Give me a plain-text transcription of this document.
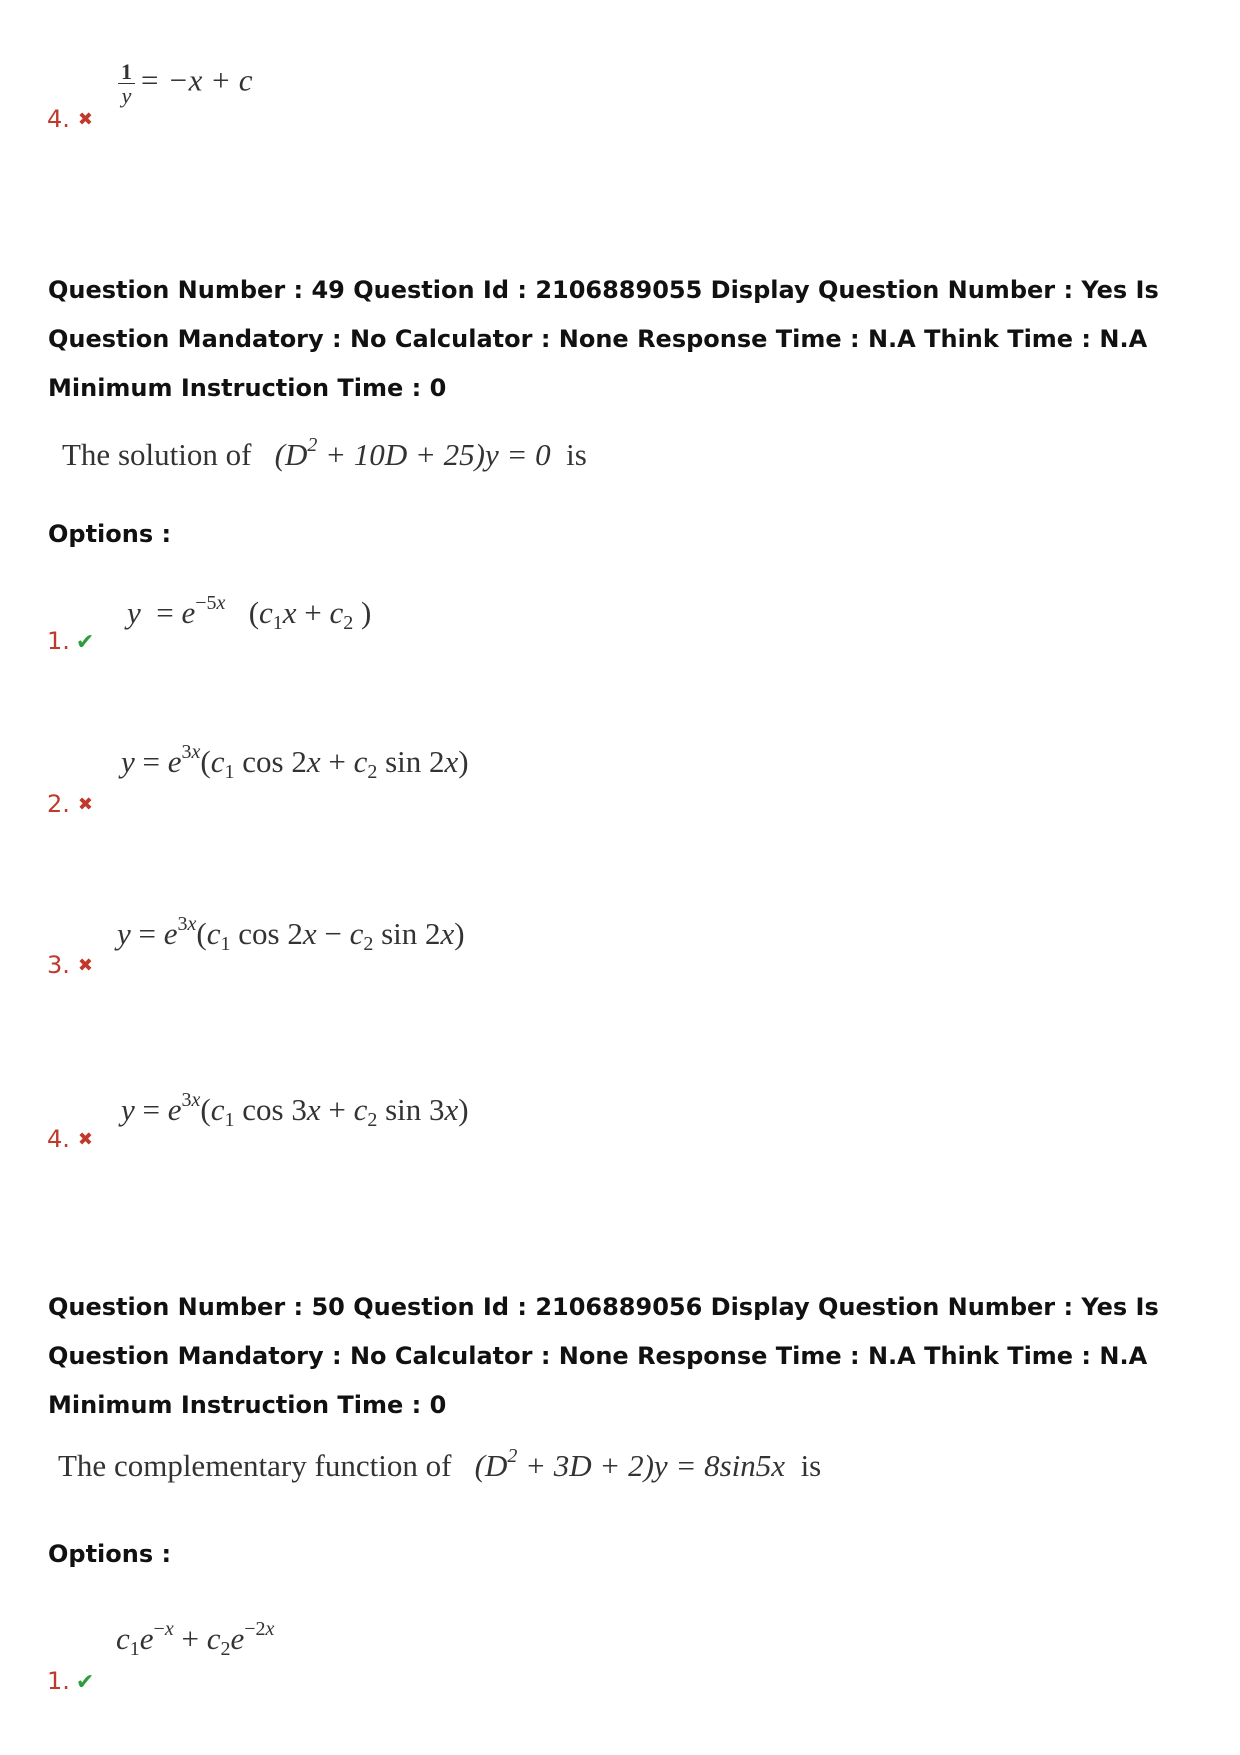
$\frac{1}{y} = -x + c$
4. ✖
Question Number : 49 Question Id : 2106889055 Display Question Number : Yes Is Question Mandatory : No Calculator : None Response Time : N.A Think Time : N.A Minimum Instruction Time : 0
The solution of $(D^2 + 10D + 25)y = 0$ is
Options :
$y = e^{-5x}$   ($c_1x + c_2$ )
1. ✔
$y = e^{3x}(c_1$ $\cos 2x + c_2$ sin 2x)
2. ✖
$y = e^{3x}(c_1$ $\cos 2x - c_2$ sin 2x)
3. ✖
$y = e^{3x}(c_1$ $\cos 3x + c_2$ sin 3x)
4. ✖
Question Number : 50 Question Id : 2106889056 Display Question Number : Yes Is Question Mandatory : No Calculator : None Response Time : N.A Think Time : N.A Minimum Instruction Time : 0
The complementary function of $(D^2 + 3D + 2)y = 8\sin 5x$ is
Options :
$c_1e^{-x} + c_2e^{-2x}$
1. ✔
